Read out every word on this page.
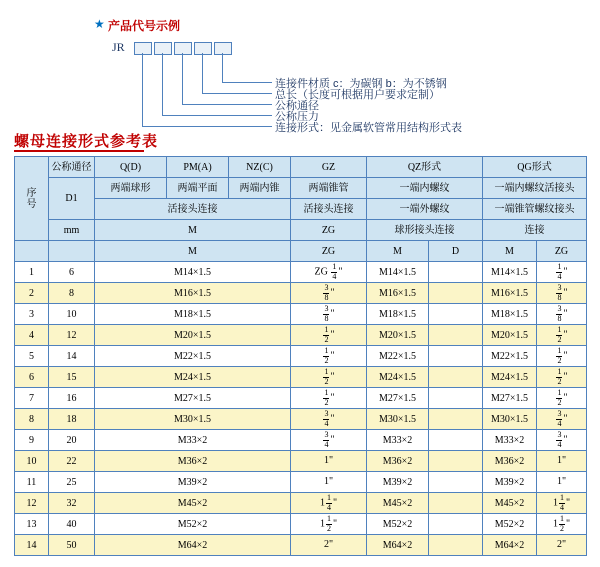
★ 产品代号示例
JR
连接件材质 c：为碳钢 b：为不锈钢
总长（长度可根据用户要求定制）
公称通径
公称压力
连接形式：见金属软管常用结构形式表
螺母连接形式参考表
序
号	公称通径	Q(D)	PM(A)	NZ(C)	GZ	QZ形式		QG形式	
	D1	两端球形	两端平面	两端内锥	两端锥管	一端内螺纹		一端内螺纹活接头	
		活接头连接			活接头连接	一端外螺纹		一端锥管螺纹接头	
	mm	M			ZG	球形接头连接		连接	
		M			ZG	M	D	M	ZG
1	6	M14×1.5			ZG $\frac{1}{4}$ "	M14×1.5		M14×1.5	$\frac{1}{4}$ "
2	8	M16×1.5			$\frac{3}{8}$ "	M16×1.5		M16×1.5	$\frac{3}{8}$ "
3	10	M18×1.5			$\frac{3}{8}$ "	M18×1.5		M18×1.5	$\frac{3}{8}$ "
4	12	M20×1.5			$\frac{1}{2}$ "	M20×1.5		M20×1.5	$\frac{1}{2}$ "
5	14	M22×1.5			$\frac{1}{2}$ "	M22×1.5		M22×1.5	$\frac{1}{2}$ "
6	15	M24×1.5			$\frac{1}{2}$ "	M24×1.5		M24×1.5	$\frac{1}{2}$ "
7	16	M27×1.5			$\frac{1}{2}$ "	M27×1.5		M27×1.5	$\frac{1}{2}$ "
8	18	M30×1.5			$\frac{3}{4}$ "	M30×1.5		M30×1.5	$\frac{3}{4}$ "
9	20	M33×2			$\frac{3}{4}$ "	M33×2		M33×2	$\frac{3}{4}$ "
10	22	M36×2			1"	M36×2		M36×2	1"
11	25	M39×2			1"	M39×2		M39×2	1"
12	32	M45×2			$1 \frac{1}{4}$ "	M45×2		M45×2	$1 \frac{1}{4}$ "
13	40	M52×2			$1 \frac{1}{2}$ "	M52×2		M52×2	$1 \frac{1}{2}$ "
14	50	M64×2			2"	M64×2		M64×2	2"
